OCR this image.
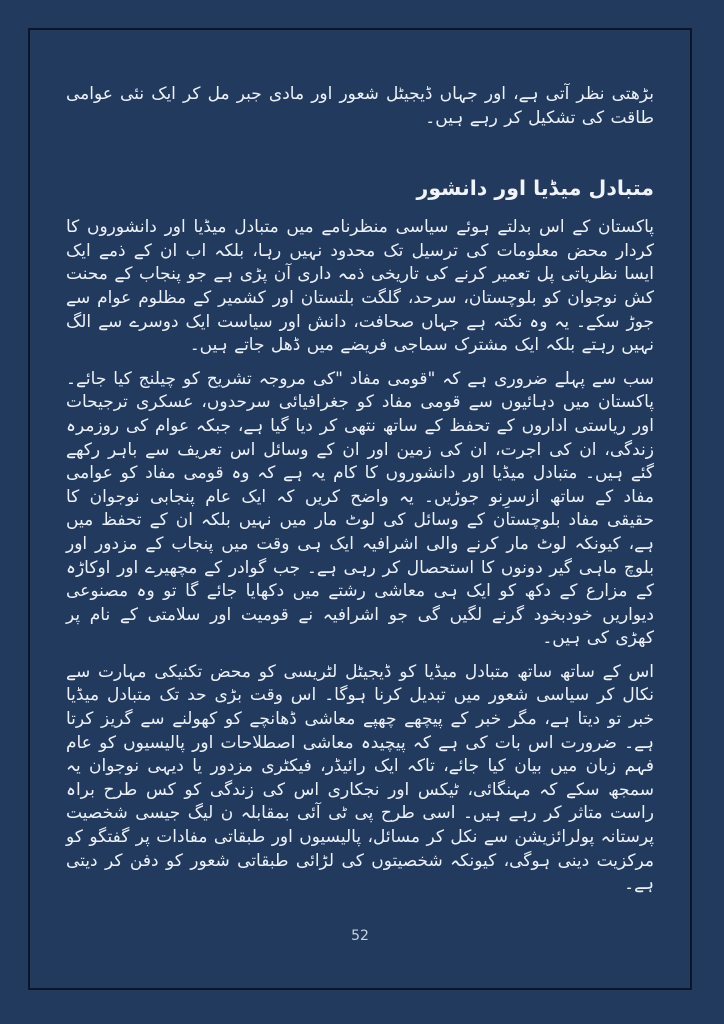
بڑھتی نظر آتی ہے، اور جہاں ڈیجیٹل شعور اور مادی جبر مل کر ایک نئی عوامی طاقت کی تشکیل کر رہے ہیں۔

متبادل میڈیا اور دانشور

پاکستان کے اس بدلتے ہوئے سیاسی منظرنامے میں متبادل میڈیا اور دانشوروں کا کردار محض معلومات کی ترسیل تک محدود نہیں رہا، بلکہ اب ان کے ذمے ایک ایسا نظریاتی پل تعمیر کرنے کی تاریخی ذمہ داری آن پڑی ہے جو پنجاب کے محنت کش نوجوان کو بلوچستان، سرحد، گلگت بلتستان اور کشمیر کے مظلوم عوام سے جوڑ سکے۔ یہ وہ نکتہ ہے جہاں صحافت، دانش اور سیاست ایک دوسرے سے الگ نہیں رہتے بلکہ ایک مشترک سماجی فریضے میں ڈھل جاتے ہیں۔

سب سے پہلے ضروری ہے کہ "قومی مفاد "کی مروجہ تشریح کو چیلنج کیا جائے۔ پاکستان میں دہائیوں سے قومی مفاد کو جغرافیائی سرحدوں، عسکری ترجیحات اور ریاستی اداروں کے تحفظ کے ساتھ نتھی کر دیا گیا ہے، جبکہ عوام کی روزمرہ زندگی، ان کی اجرت، ان کی زمین اور ان کے وسائل اس تعریف سے باہر رکھے گئے ہیں۔ متبادل میڈیا اور دانشوروں کا کام یہ ہے کہ وہ قومی مفاد کو عوامی مفاد کے ساتھ ازسرِنو جوڑیں۔ یہ واضح کریں کہ ایک عام پنجابی نوجوان کا حقیقی مفاد بلوچستان کے وسائل کی لوٹ مار میں نہیں بلکہ ان کے تحفظ میں ہے، کیونکہ لوٹ مار کرنے والی اشرافیہ ایک ہی وقت میں پنجاب کے مزدور اور بلوچ ماہی گیر دونوں کا استحصال کر رہی ہے۔ جب گوادر کے مچھیرے اور اوکاڑہ کے مزارع کے دکھ کو ایک ہی معاشی رشتے میں دکھایا جائے گا تو وہ مصنوعی دیواریں خودبخود گرنے لگیں گی جو اشرافیہ نے قومیت اور سلامتی کے نام پر کھڑی کی ہیں۔

اس کے ساتھ ساتھ متبادل میڈیا کو ڈیجیٹل لٹریسی کو محض تکنیکی مہارت سے نکال کر سیاسی شعور میں تبدیل کرنا ہوگا۔ اس وقت بڑی حد تک متبادل میڈیا خبر تو دیتا ہے، مگر خبر کے پیچھے چھپے معاشی ڈھانچے کو کھولنے سے گریز کرتا ہے۔ ضرورت اس بات کی ہے کہ پیچیدہ معاشی اصطلاحات اور پالیسیوں کو عام فہم زبان میں بیان کیا جائے، تاکہ ایک رائیڈر، فیکٹری مزدور یا دیہی نوجوان یہ سمجھ سکے کہ مہنگائی، ٹیکس اور نجکاری اس کی زندگی کو کس طرح براہ راست متاثر کر رہے ہیں۔ اسی طرح پی ٹی آئی بمقابلہ ن لیگ جیسی شخصیت پرستانہ پولرائزیشن سے نکل کر مسائل، پالیسیوں اور طبقاتی مفادات پر گفتگو کو مرکزیت دینی ہوگی، کیونکہ شخصیتوں کی لڑائی طبقاتی شعور کو دفن کر دیتی ہے۔

52
